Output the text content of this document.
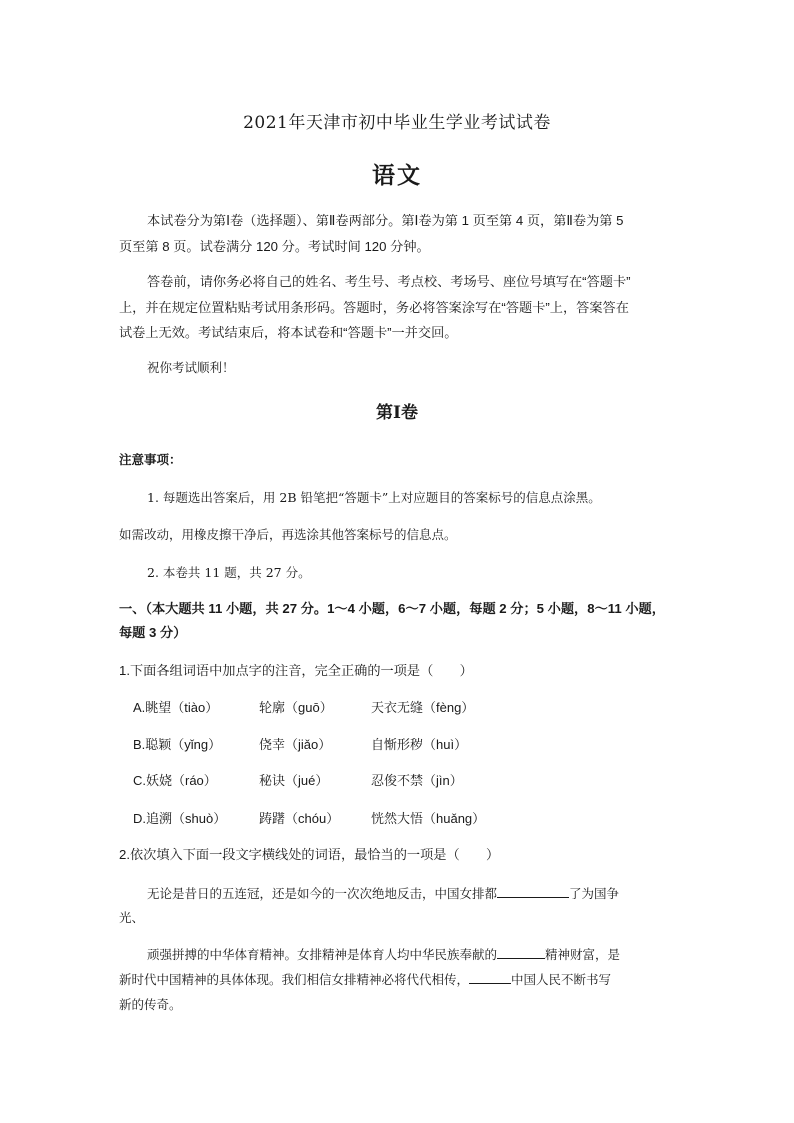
2021年天津市初中毕业生学业考试试卷
语文
本试卷分为第Ⅰ卷（选择题）、第Ⅱ卷两部分。第Ⅰ卷为第 1 页至第 4 页，第Ⅱ卷为第 5
页至第 8 页。试卷满分 120 分。考试时间 120 分钟。
答卷前，请你务必将自己的姓名、考生号、考点校、考场号、座位号填写在“答题卡”
上，并在规定位置粘贴考试用条形码。答题时，务必将答案涂写在“答题卡”上，答案答在
试卷上无效。考试结束后，将本试卷和“答题卡”一并交回。
祝你考试顺利！
第Ⅰ卷
注意事项：
1. 每题选出答案后，用 2B 铅笔把“答题卡”上对应题目的答案标号的信息点涂黑。
如需改动，用橡皮擦干净后，再选涂其他答案标号的信息点。
2. 本卷共 11 题，共 27 分。
一、（本大题共 11 小题，共 27 分。1～4 小题，6～7 小题，每题 2 分；5 小题，8～11 小题，
每题 3 分）
1.下面各组词语中加点字的注音，完全正确的一项是（　　）
A.眺望（tiào）	轮廓（guō）	天衣无缝（fèng）
B.聪颖（yǐng）	侥幸（jiǎo）	自惭形秽（huì）
C.妖娆（ráo）	秘诀（jué）	忍俊不禁（jìn）
D.追溯（shuò）	踌躇（chóu） 恍然大悟（huǎng）
2.依次填入下面一段文字横线处的词语，最恰当的一项是（　　）
无论是昔日的五连冠，还是如今的一次次绝地反击，中国女排都	了为国争
光、
顽强拼搏的中华体育精神。女排精神是体育人均中华民族奉献的	精神财富，是
新时代中国精神的具体体现。我们相信女排精神必将代代相传，	中国人民不断书写
新的传奇。
